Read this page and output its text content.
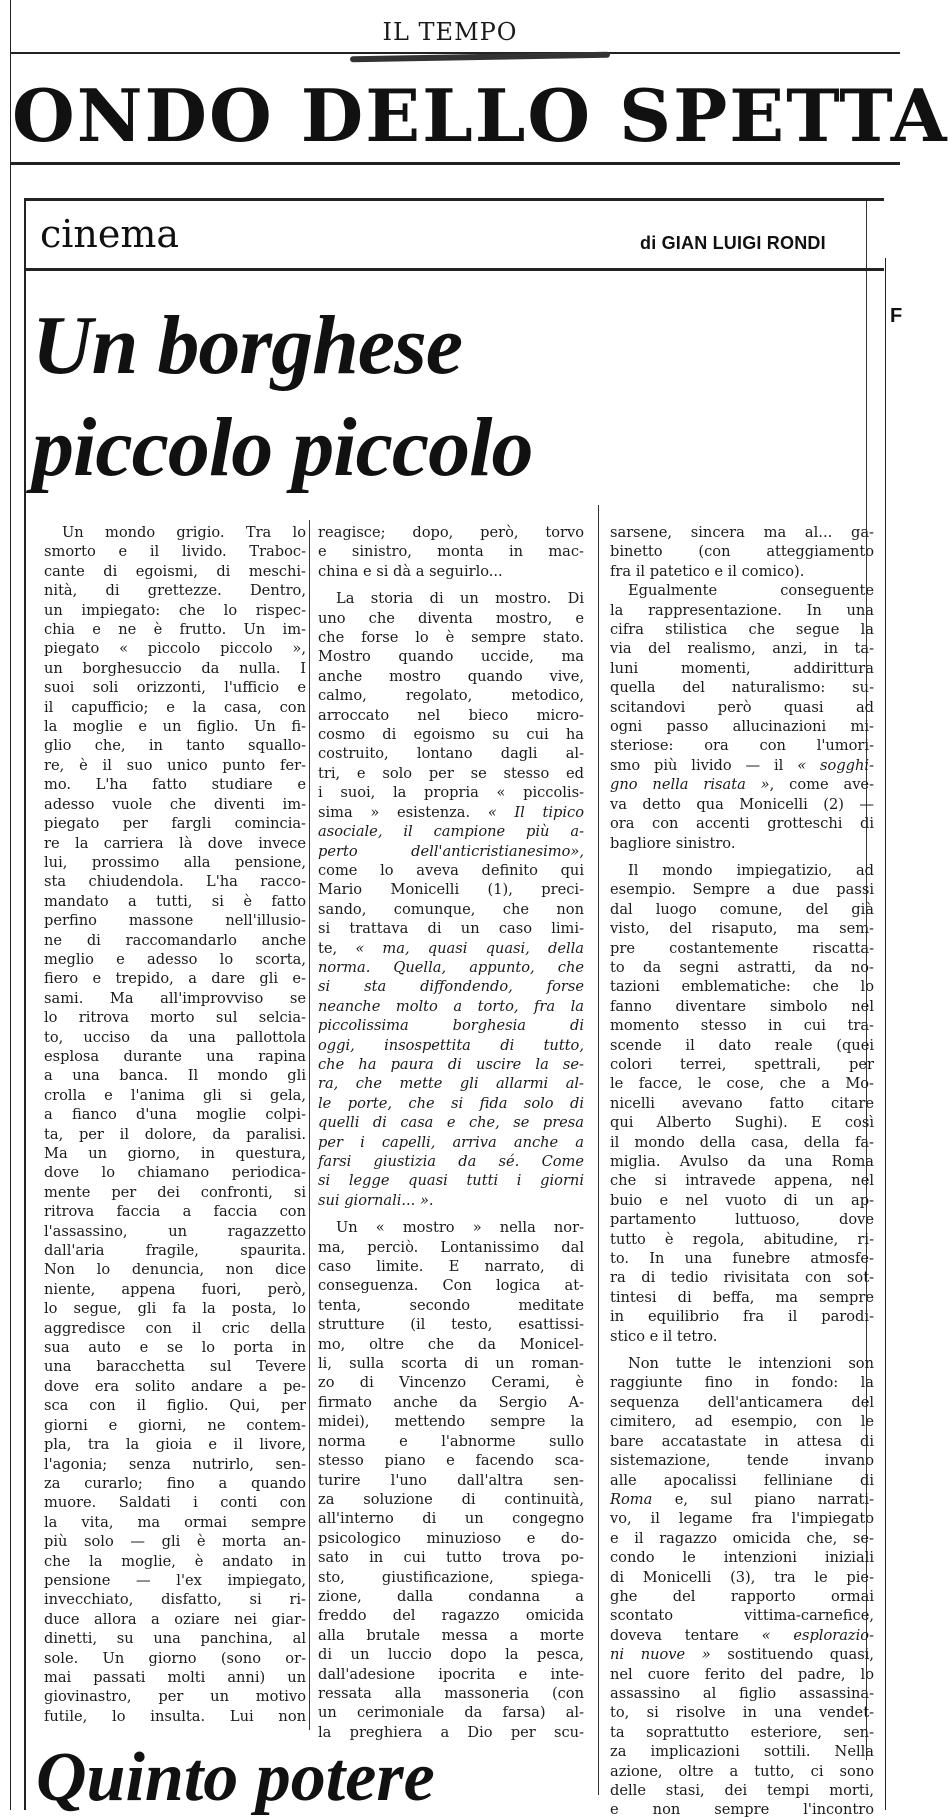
IL TEMPO
ONDO DELLO SPETTA
cinema	di GIAN LUIGI RONDI
F
Un borghese
piccolo piccolo
Un mondo grigio. Tra lo
smorto e il livido. Traboc-
cante di egoismi, di meschi-
nità, di grettezze. Dentro,
un impiegato: che lo rispec-
chia e ne è frutto. Un im-
piegato « piccolo piccolo »,
un borghesuccio da nulla. I
suoi soli orizzonti, l'ufficio e
il capufficio; e la casa, con
la moglie e un figlio. Un fi-
glio che, in tanto squallo-
re, è il suo unico punto fer-
mo. L'ha fatto studiare e
adesso vuole che diventi im-
piegato per fargli comincia-
re la carriera là dove invece
lui, prossimo alla pensione,
sta chiudendola. L'ha racco-
mandato a tutti, si è fatto
perfino massone nell'illusio-
ne di raccomandarlo anche
meglio e adesso lo scorta,
fiero e trepido, a dare gli e-
sami. Ma all'improvviso se
lo ritrova morto sul selcia-
to, ucciso da una pallottola
esplosa durante una rapina
a una banca. Il mondo gli
crolla e l'anima gli si gela,
a fianco d'una moglie colpi-
ta, per il dolore, da paralisi.
Ma un giorno, in questura,
dove lo chiamano periodica-
mente per dei confronti, si
ritrova faccia a faccia con
l'assassino, un ragazzetto
dall'aria fragile, spaurita.
Non lo denuncia, non dice
niente, appena fuori, però,
lo segue, gli fa la posta, lo
aggredisce con il cric della
sua auto e se lo porta in
una baracchetta sul Tevere
dove era solito andare a pe-
sca con il figlio. Qui, per
giorni e giorni, ne contem-
pla, tra la gioia e il livore,
l'agonia; senza nutrirlo, sen-
za curarlo; fino a quando
muore. Saldati i conti con
la vita, ma ormai sempre
più solo — gli è morta an-
che la moglie, è andato in
pensione — l'ex impiegato,
invecchiato, disfatto, si ri-
duce allora a oziare nei giar-
dinetti, su una panchina, al
sole. Un giorno (sono or-
mai passati molti anni) un
giovinastro, per un motivo
futile, lo insulta. Lui non
reagisce; dopo, però, torvo
e sinistro, monta in mac-
china e si dà a seguirlo...
La storia di un mostro. Di
uno che diventa mostro, e
che forse lo è sempre stato.
Mostro quando uccide, ma
anche mostro quando vive,
calmo, regolato, metodico,
arroccato nel bieco micro-
cosmo di egoismo su cui ha
costruito, lontano dagli al-
tri, e solo per se stesso ed
i suoi, la propria « piccolis-
sima » esistenza. « Il tipico
asociale, il campione più a-
perto dell'anticristianesimo»,
come lo aveva definito qui
Mario Monicelli (1), preci-
sando, comunque, che non
si trattava di un caso limi-
te, « ma, quasi quasi, della
norma. Quella, appunto, che
si sta diffondendo, forse
neanche molto a torto, fra la
piccolissima borghesia di
oggi, insospettita di tutto,
che ha paura di uscire la se-
ra, che mette gli allarmi al-
le porte, che si fida solo di
quelli di casa e che, se presa
per i capelli, arriva anche a
farsi giustizia da sé. Come
si legge quasi tutti i giorni
sui giornali... ».
Un « mostro » nella nor-
ma, perciò. Lontanissimo dal
caso limite. E narrato, di
conseguenza. Con logica at-
tenta, secondo meditate
strutture (il testo, esattissi-
mo, oltre che da Monicel-
li, sulla scorta di un roman-
zo di Vincenzo Cerami, è
firmato anche da Sergio A-
midei), mettendo sempre la
norma e l'abnorme sullo
stesso piano e facendo sca-
turire l'uno dall'altra sen-
za soluzione di continuità,
all'interno di un congegno
psicologico minuzioso e do-
sato in cui tutto trova po-
sto, giustificazione, spiega-
zione, dalla condanna a
freddo del ragazzo omicida
alla brutale messa a morte
di un luccio dopo la pesca,
dall'adesione ipocrita e inte-
ressata alla massoneria (con
un cerimoniale da farsa) al-
la preghiera a Dio per scu-
sarsene, sincera ma al... ga-
binetto (con atteggiamento
fra il patetico e il comico).
Egualmente conseguente
la rappresentazione. In una
cifra stilistica che segue la
via del realismo, anzi, in ta-
luni momenti, addirittura
quella del naturalismo: su-
scitandovi però quasi ad
ogni passo allucinazioni mi-
steriose: ora con l'umori-
smo più livido — il « sogghi-
gno nella risata », come ave-
va detto qua Monicelli (2) —
ora con accenti grotteschi di
bagliore sinistro.
Il mondo impiegatizio, ad
esempio. Sempre a due passi
dal luogo comune, del già
visto, del risaputo, ma sem-
pre costantemente riscatta-
to da segni astratti, da no-
tazioni emblematiche: che lo
fanno diventare simbolo nel
momento stesso in cui tra-
scende il dato reale (quei
colori terrei, spettrali, per
le facce, le cose, che a Mo-
nicelli avevano fatto citare
qui Alberto Sughi). E così
il mondo della casa, della fa-
miglia. Avulso da una Roma
che si intravede appena, nel
buio e nel vuoto di un ap-
partamento luttuoso, dove
tutto è regola, abitudine, ri-
to. In una funebre atmosfe-
ra di tedio rivisitata con sot-
tintesi di beffa, ma sempre
in equilibrio fra il parodi-
stico e il tetro.
Non tutte le intenzioni son
raggiunte fino in fondo: la
sequenza dell'anticamera del
cimitero, ad esempio, con le
bare accatastate in attesa di
sistemazione, tende invano
alle apocalissi felliniane di
Roma e, sul piano narrati-
vo, il legame fra l'impiegato
e il ragazzo omicida che, se-
condo le intenzioni iniziali
di Monicelli (3), tra le pie-
ghe del rapporto ormai
scontato vittima-carnefice,
doveva tentare « esplorazio-
ni nuove » sostituendo quasi,
nel cuore ferito del padre, lo
assassino al figlio assassina-
to, si risolve in una vendet-
ta soprattutto esteriore, sen-
za implicazioni sottili. Nella
azione, oltre a tutto, ci sono
delle stasi, dei tempi morti,
e non sempre l'incontro
Quinto potere
